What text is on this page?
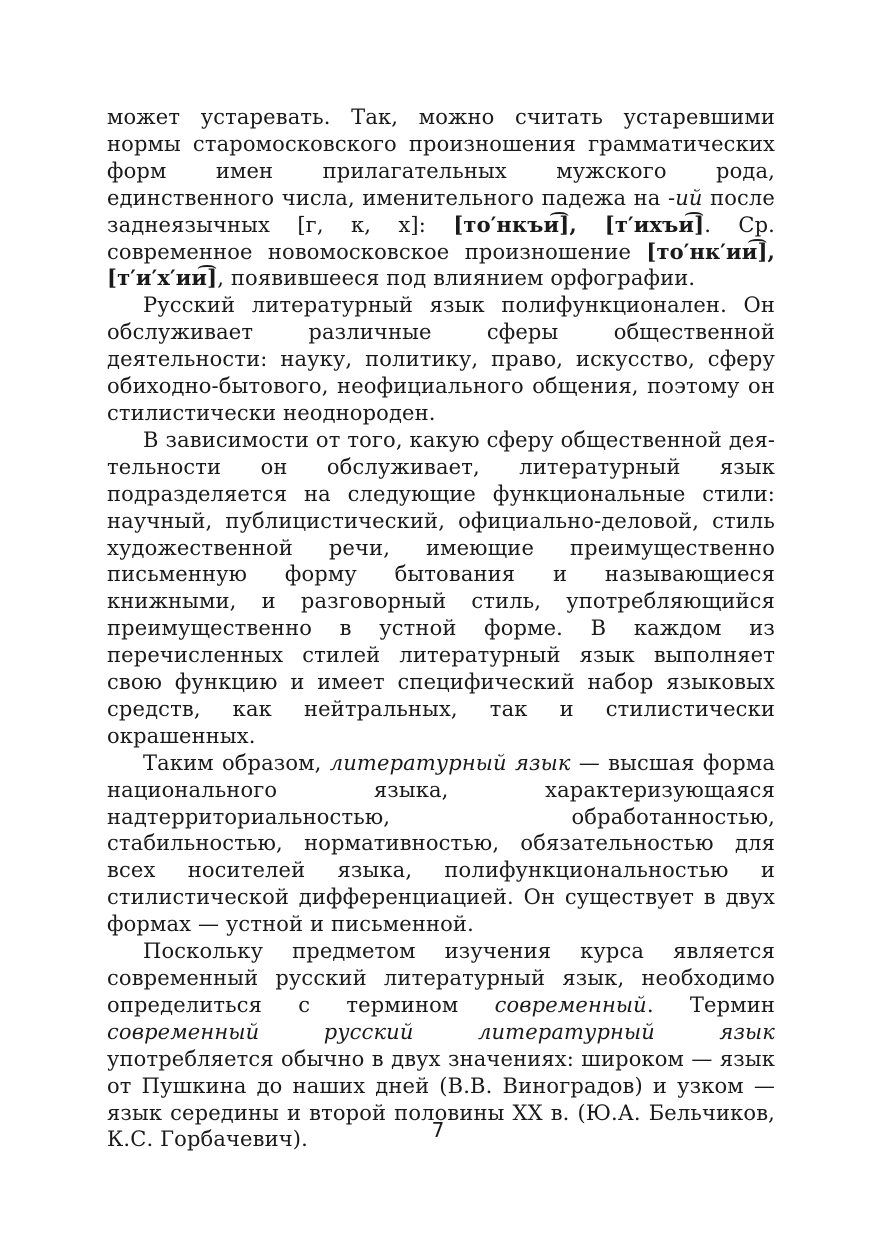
может устаревать. Так, можно считать устаревшими нормы старомосковского произношения грамматических форм имен прилагательных мужского рода, единственного числа, именительного падежа на -ий после заднеязычных [г, к, х]: [то′нкъи͡], [т′ихъи͡]. Ср. современное новомосковское произношение [то′нк′ии͡], [т′и′х′ии͡], появившееся под влиянием орфографии.

Русский литературный язык полифункционален. Он обслуживает различные сферы общественной деятельности: науку, политику, право, искусство, сферу обиходно-бытового, неофициального общения, поэтому он стилистически неоднороден.

В зависимости от того, какую сферу общественной деятельности он обслуживает, литературный язык подразделяется на следующие функциональные стили: научный, публицистический, официально-деловой, стиль художественной речи, имеющие преимущественно письменную форму бытования и называющиеся книжными, и разговорный стиль, употребляющийся преимущественно в устной форме. В каждом из перечисленных стилей литературный язык выполняет свою функцию и имеет специфический набор языковых средств, как нейтральных, так и стилистически окрашенных.

Таким образом, литературный язык — высшая форма национального языка, характеризующаяся надтерриториальностью, обработанностью, стабильностью, нормативностью, обязательностью для всех носителей языка, полифункциональностью и стилистической дифференциацией. Он существует в двух формах — устной и письменной.

Поскольку предметом изучения курса является современный русский литературный язык, необходимо определиться с термином современный. Термин современный русский литературный язык употребляется обычно в двух значениях: широком — язык от Пушкина до наших дней (В.В. Виноградов) и узком — язык середины и второй половины XX в. (Ю.А. Бельчиков, К.С. Горбачевич).	7
